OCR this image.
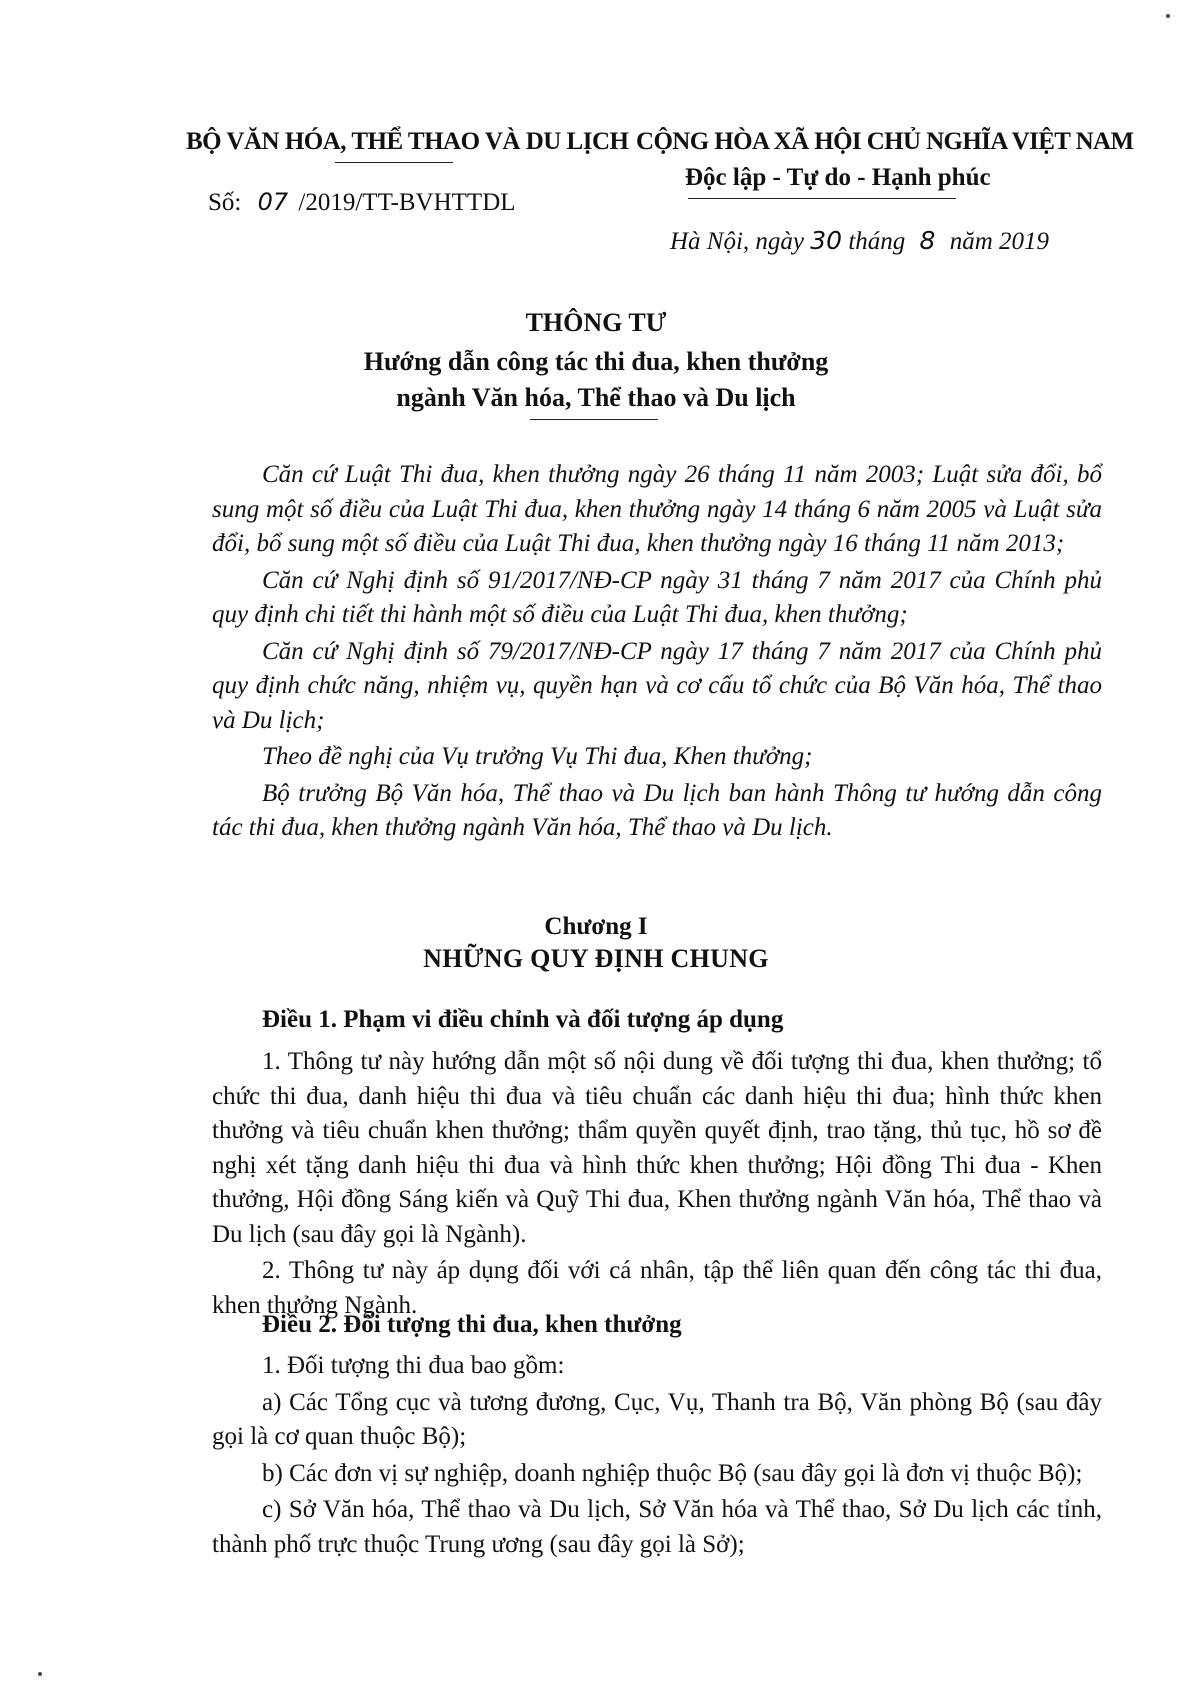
BỘ VĂN HÓA, THỂ THAO VÀ DU LỊCH
Số: 07 /2019/TT-BVHTTDL
CỘNG HÒA XÃ HỘI CHỦ NGHĨA VIỆT NAM
Độc lập - Tự do - Hạnh phúc
Hà Nội, ngày 30 tháng 8 năm 2019
THÔNG TƯ
Hướng dẫn công tác thi đua, khen thưởng
ngành Văn hóa, Thể thao và Du lịch

Căn cứ Luật Thi đua, khen thưởng ngày 26 tháng 11 năm 2003; Luật sửa đổi, bổ sung một số điều của Luật Thi đua, khen thưởng ngày 14 tháng 6 năm 2005 và Luật sửa đổi, bổ sung một số điều của Luật Thi đua, khen thưởng ngày 16 tháng 11 năm 2013;

Căn cứ Nghị định số 91/2017/NĐ-CP ngày 31 tháng 7 năm 2017 của Chính phủ quy định chi tiết thi hành một số điều của Luật Thi đua, khen thưởng;

Căn cứ Nghị định số 79/2017/NĐ-CP ngày 17 tháng 7 năm 2017 của Chính phủ quy định chức năng, nhiệm vụ, quyền hạn và cơ cấu tổ chức của Bộ Văn hóa, Thể thao và Du lịch;

Theo đề nghị của Vụ trưởng Vụ Thi đua, Khen thưởng;

Bộ trưởng Bộ Văn hóa, Thể thao và Du lịch ban hành Thông tư hướng dẫn công tác thi đua, khen thưởng ngành Văn hóa, Thể thao và Du lịch.

Chương I
NHỮNG QUY ĐỊNH CHUNG
Điều 1. Phạm vi điều chỉnh và đối tượng áp dụng

1. Thông tư này hướng dẫn một số nội dung về đối tượng thi đua, khen thưởng; tổ chức thi đua, danh hiệu thi đua và tiêu chuẩn các danh hiệu thi đua; hình thức khen thưởng và tiêu chuẩn khen thưởng; thẩm quyền quyết định, trao tặng, thủ tục, hồ sơ đề nghị xét tặng danh hiệu thi đua và hình thức khen thưởng; Hội đồng Thi đua - Khen thưởng, Hội đồng Sáng kiến và Quỹ Thi đua, Khen thưởng ngành Văn hóa, Thể thao và Du lịch (sau đây gọi là Ngành).

2. Thông tư này áp dụng đối với cá nhân, tập thể liên quan đến công tác thi đua, khen thưởng Ngành.

Điều 2. Đối tượng thi đua, khen thưởng

1. Đối tượng thi đua bao gồm:

a) Các Tổng cục và tương đương, Cục, Vụ, Thanh tra Bộ, Văn phòng Bộ (sau đây gọi là cơ quan thuộc Bộ);

b) Các đơn vị sự nghiệp, doanh nghiệp thuộc Bộ (sau đây gọi là đơn vị thuộc Bộ);

c) Sở Văn hóa, Thể thao và Du lịch, Sở Văn hóa và Thể thao, Sở Du lịch các tỉnh, thành phố trực thuộc Trung ương (sau đây gọi là Sở);
